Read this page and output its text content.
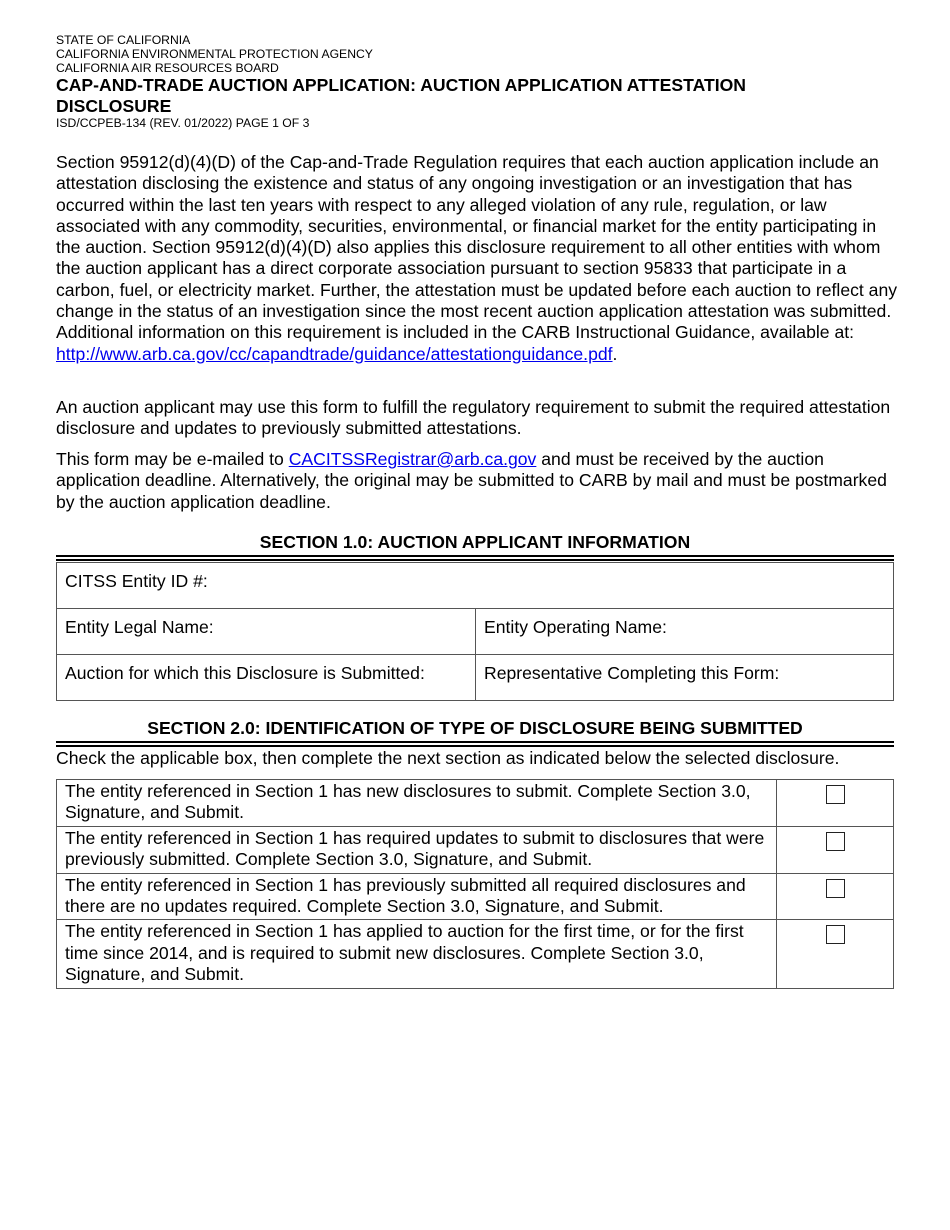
STATE OF CALIFORNIA

CALIFORNIA ENVIRONMENTAL PROTECTION AGENCY

CALIFORNIA AIR RESOURCES BOARD

CAP-AND-TRADE AUCTION APPLICATION: AUCTION APPLICATION ATTESTATION

DISCLOSURE

ISD/CCPEB-134 (REV. 01/2022) PAGE 1 OF 3

Section 95912(d)(4)(D) of the Cap-and-Trade Regulation requires that each auction application include an attestation disclosing the existence and status of any ongoing investigation or an investigation that has occurred within the last ten years with respect to any alleged violation of any rule, regulation, or law associated with any commodity, securities, environmental, or financial market for the entity participating in the auction. Section 95912(d)(4)(D) also applies this disclosure requirement to all other entities with whom the auction applicant has a direct corporate association pursuant to section 95833 that participate in a carbon, fuel, or electricity market. Further, the attestation must be updated before each auction to reflect any change in the status of an investigation since the most recent auction application attestation was submitted. Additional information on this requirement is included in the CARB Instructional Guidance, available at:
http://www.arb.ca.gov/cc/capandtrade/guidance/attestationguidance.pdf.

An auction applicant may use this form to fulfill the regulatory requirement to submit the required attestation disclosure and updates to previously submitted attestations.

This form may be e-mailed to CACITSSRegistrar@arb.ca.gov and must be received by the auction application deadline. Alternatively, the original may be submitted to CARB by mail and must be postmarked by the auction application deadline.

SECTION 1.0: AUCTION APPLICANT INFORMATION
CITSS Entity ID #:	
Entity Legal Name:	Entity Operating Name:
Auction for which this Disclosure is Submitted:	Representative Completing this Form:
SECTION 2.0: IDENTIFICATION OF TYPE OF DISCLOSURE BEING SUBMITTED
Check the applicable box, then complete the next section as indicated below the selected disclosure.
The entity referenced in Section 1 has new disclosures to submit. Complete Section 3.0, Signature, and Submit.	
The entity referenced in Section 1 has required updates to submit to disclosures that were previously submitted. Complete Section 3.0, Signature, and Submit.	
The entity referenced in Section 1 has previously submitted all required disclosures and there are no updates required. Complete Section 3.0, Signature, and Submit.	
The entity referenced in Section 1 has applied to auction for the first time, or for the first time since 2014, and is required to submit new disclosures. Complete Section 3.0, Signature, and Submit.	
